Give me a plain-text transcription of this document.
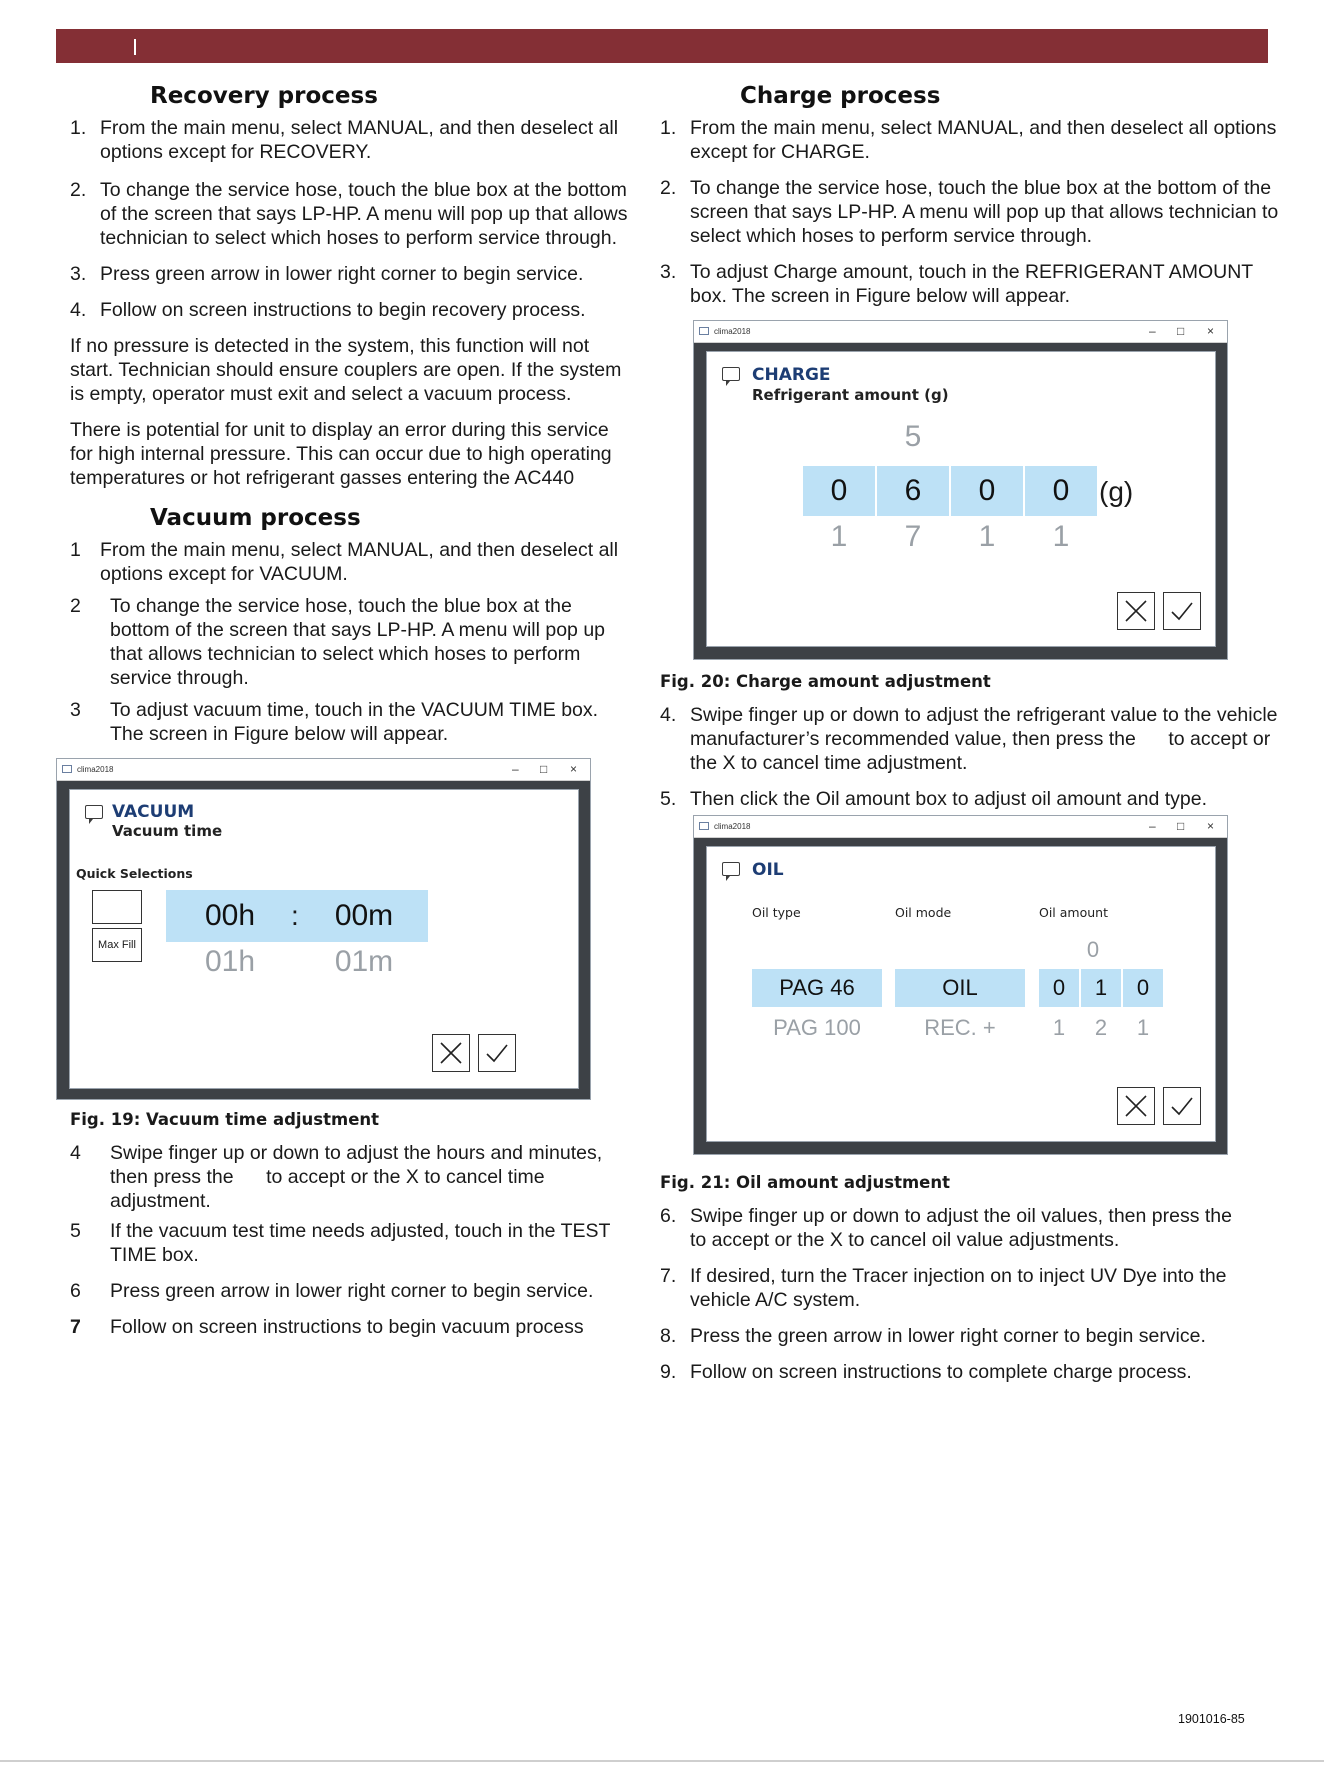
Recovery process
1. From the main menu, select MANUAL, and then deselect all options except for RECOVERY.
2. To change the service hose, touch the blue box at the bottom of the screen that says LP-HP. A menu will pop up that allows technician to select which hoses to perform service through.
3. Press green arrow in lower right corner to begin service.
4. Follow on screen instructions to begin recovery process.
If no pressure is detected in the system, this function will not start. Technician should ensure couplers are open. If the system is empty, operator must exit and select a vacuum process.
There is potential for unit to display an error during this service for high internal pressure. This can occur due to high operating temperatures or hot refrigerant gasses entering the AC440
Vacuum process
1 From the main menu, select MANUAL, and then deselect all options except for VACUUM.
2 To change the service hose, touch the blue box at the bottom of the screen that says LP-HP. A menu will pop up that allows technician to select which hoses to perform service through.
3 To adjust vacuum time, touch in the VACUUM TIME box. The screen in Figure below will appear.
clima2018	– □ ×
VACUUM
Vacuum time
Quick Selections
Max Fill
00h	00m
:
01h	01m
Fig. 19: Vacuum time adjustment
4 Swipe finger up or down to adjust the hours and minutes, then press the      to accept or the X to cancel time adjustment.
5 If the vacuum test time needs adjusted, touch in the TEST TIME box.
6 Press green arrow in lower right corner to begin service.
7 Follow on screen instructions to begin vacuum process
Charge process
1. From the main menu, select MANUAL, and then deselect all options except for CHARGE.
2. To change the service hose, touch the blue box at the bottom of the screen that says LP-HP. A menu will pop up that allows technician to select which hoses to perform service through.
3. To adjust Charge amount, touch in the REFRIGERANT AMOUNT box. The screen in Figure below will appear.
clima2018	– □ ×
CHARGE
Refrigerant amount (g)
5
0	6	0	0	(g)
1	7	1	1
Fig. 20: Charge amount adjustment
4. Swipe finger up or down to adjust the refrigerant value to the vehicle manufacturer’s recommended value, then press the      to accept or the X to cancel time adjustment.
5. Then click the Oil amount box to adjust oil amount and type.
clima2018	– □ ×
OIL
Oil type	Oil mode	Oil amount
0
PAG 46	OIL	0	1	0
PAG 100	REC. +	1	2	1
Fig. 21: Oil amount adjustment
6. Swipe finger up or down to adjust the oil values, then press the      to accept or the X to cancel oil value adjustments.
7. If desired, turn the Tracer injection on to inject UV Dye into the vehicle A/C system.
8. Press the green arrow in lower right corner to begin service.
9. Follow on screen instructions to complete charge process.
1901016-85
